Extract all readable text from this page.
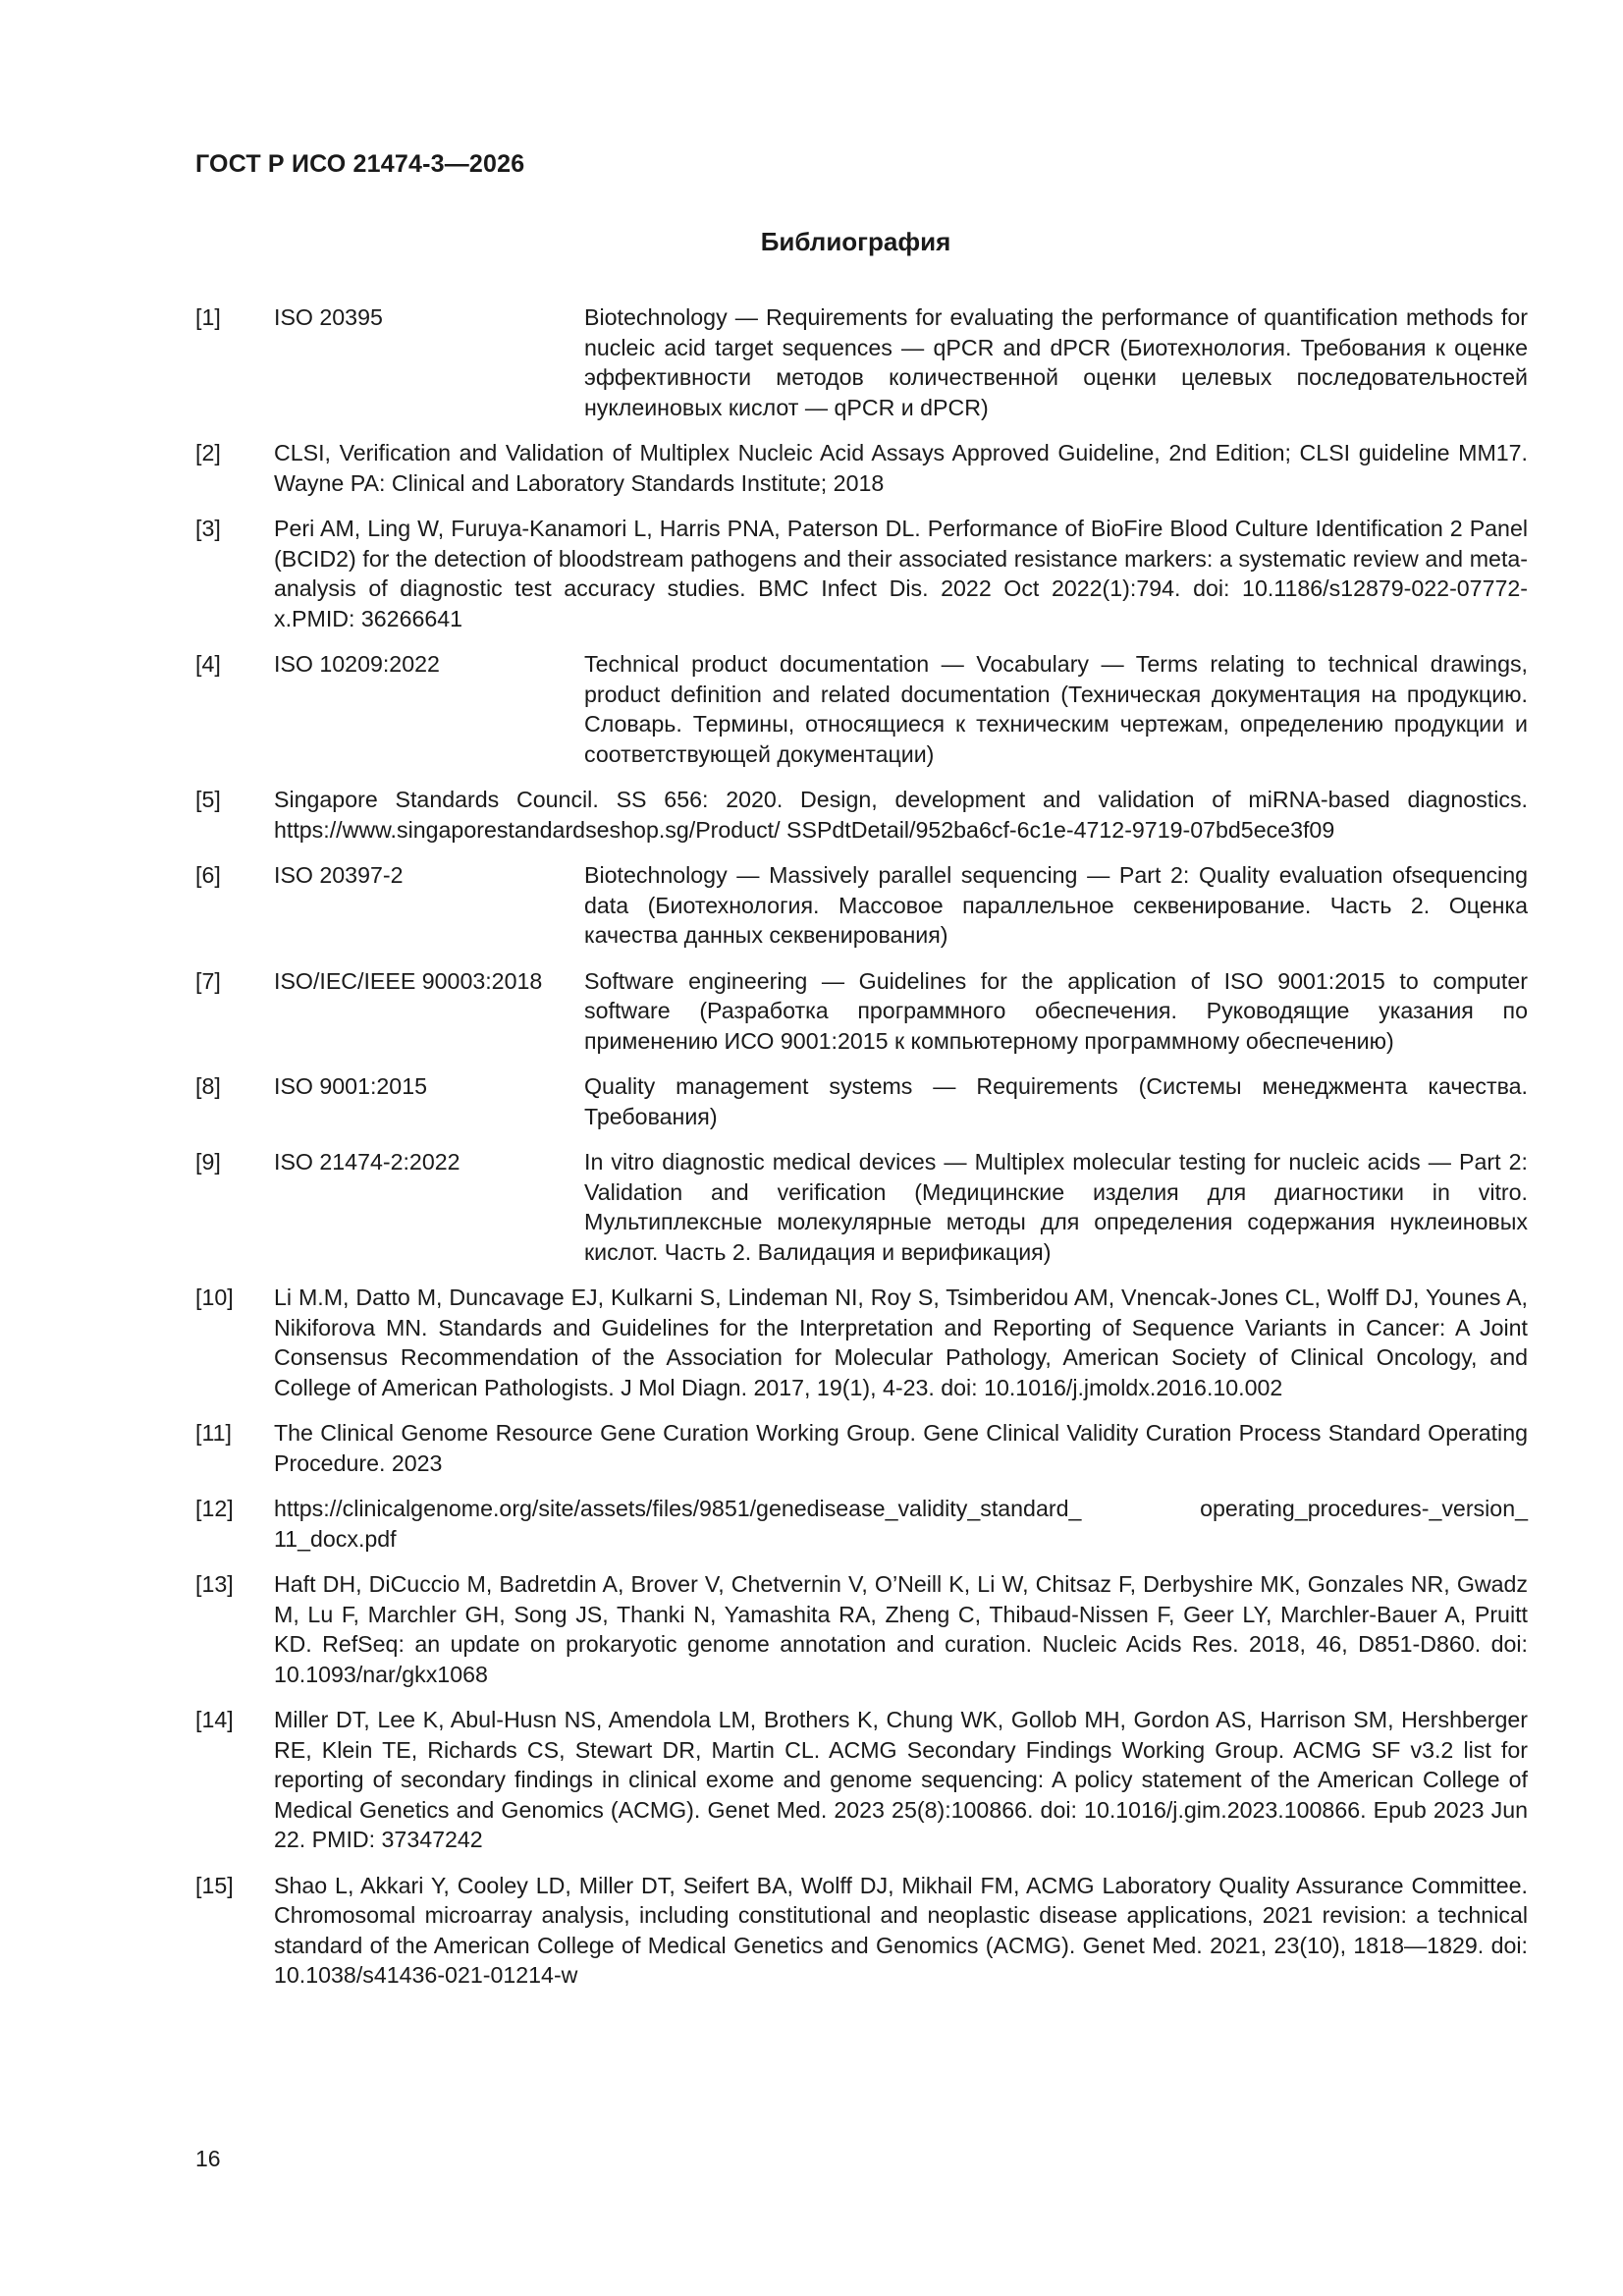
ГОСТ Р ИСО 21474-3—2026
Библиография
[1]	ISO 20395	Biotechnology — Requirements for evaluating the performance of quantification methods for nucleic acid target sequences — qPCR and dPCR (Биотехнология. Требования к оценке эффективности методов количественной оценки целевых последовательностей нуклеиновых кислот — qPCR и dPCR)
[2]	CLSI, Verification and Validation of Multiplex Nucleic Acid Assays Approved Guideline, 2nd Edition; CLSI guideline MM17. Wayne PA: Clinical and Laboratory Standards Institute; 2018
[3]	Peri AM, Ling W, Furuya-Kanamori L, Harris PNA, Paterson DL. Performance of BioFire Blood Culture Identification 2 Panel (BCID2) for the detection of bloodstream pathogens and their associated resistance markers: a systematic review and meta-analysis of diagnostic test accuracy studies. BMC Infect Dis. 2022 Oct 2022(1):794. doi: 10.1186/s12879-022-07772-x.PMID: 36266641
[4]	ISO 10209:2022	Technical product documentation — Vocabulary — Terms relating to technical drawings, product definition and related documentation (Техническая документация на продукцию. Словарь. Термины, относящиеся к техническим чертежам, определению продукции и соответствующей документации)
[5]	Singapore Standards Council. SS 656: 2020. Design, development and validation of miRNA-based diagnostics. https://www.singaporestandardseshop.sg/Product/ SSPdtDetail/952ba6cf-6c1e-4712-9719-07bd5ece3f09
[6]	ISO 20397-2	Biotechnology — Massively parallel sequencing — Part 2: Quality evaluation ofsequencing data (Биотехнология. Массовое параллельное секвенирование. Часть 2. Оценка качества данных секвенирования)
[7]	ISO/IEC/IEEE 90003:2018	Software engineering — Guidelines for the application of ISO 9001:2015 to computer software (Разработка программного обеспечения. Руководящие указания по применению ИСО 9001:2015 к компьютерному программному обеспечению)
[8]	ISO 9001:2015	Quality management systems — Requirements (Системы менеджмента качества. Требования)
[9]	ISO 21474-2:2022	In vitro diagnostic medical devices — Multiplex molecular testing for nucleic acids — Part 2: Validation and verification (Медицинские изделия для диагностики in vitro. Мультиплексные молекулярные методы для определения содержания нуклеиновых кислот. Часть 2. Валидация и верификация)
[10]	Li M.M, Datto M, Duncavage EJ, Kulkarni S, Lindeman NI, Roy S, Tsimberidou AM, Vnencak-Jones CL, Wolff DJ, Younes A, Nikiforova MN. Standards and Guidelines for the Interpretation and Reporting of Sequence Variants in Cancer: A Joint Consensus Recommendation of the Association for Molecular Pathology, American Society of Clinical Oncology, and College of American Pathologists. J Mol Diagn. 2017, 19(1), 4-23. doi: 10.1016/j.jmoldx.2016.10.002
[11]	The Clinical Genome Resource Gene Curation Working Group. Gene Clinical Validity Curation Process Standard Operating Procedure. 2023
[12]	https://clinicalgenome.org/site/assets/files/9851/genedisease_validity_standard_ operating_procedures-_version_ 11_docx.pdf
[13]	Haft DH, DiCuccio M, Badretdin A, Brover V, Chetvernin V, O’Neill K, Li W, Chitsaz F, Derbyshire MK, Gonzales NR, Gwadz M, Lu F, Marchler GH, Song JS, Thanki N, Yamashita RA, Zheng C, Thibaud-Nissen F, Geer LY, Marchler-Bauer A, Pruitt KD. RefSeq: an update on prokaryotic genome annotation and curation. Nucleic Acids Res. 2018, 46, D851-D860. doi: 10.1093/nar/gkx1068
[14]	Miller DT, Lee K, Abul-Husn NS, Amendola LM, Brothers K, Chung WK, Gollob MH, Gordon AS, Harrison SM, Hershberger RE, Klein TE, Richards CS, Stewart DR, Martin CL. ACMG Secondary Findings Working Group. ACMG SF v3.2 list for reporting of secondary findings in clinical exome and genome sequencing: A policy statement of the American College of Medical Genetics and Genomics (ACMG). Genet Med. 2023 25(8):100866. doi: 10.1016/j.gim.2023.100866. Epub 2023 Jun 22. PMID: 37347242
[15]	Shao L, Akkari Y, Cooley LD, Miller DT, Seifert BA, Wolff DJ, Mikhail FM, ACMG Laboratory Quality Assurance Committee. Chromosomal microarray analysis, including constitutional and neoplastic disease applications, 2021 revision: a technical standard of the American College of Medical Genetics and Genomics (ACMG). Genet Med. 2021, 23(10), 1818—1829. doi: 10.1038/s41436-021-01214-w
16
